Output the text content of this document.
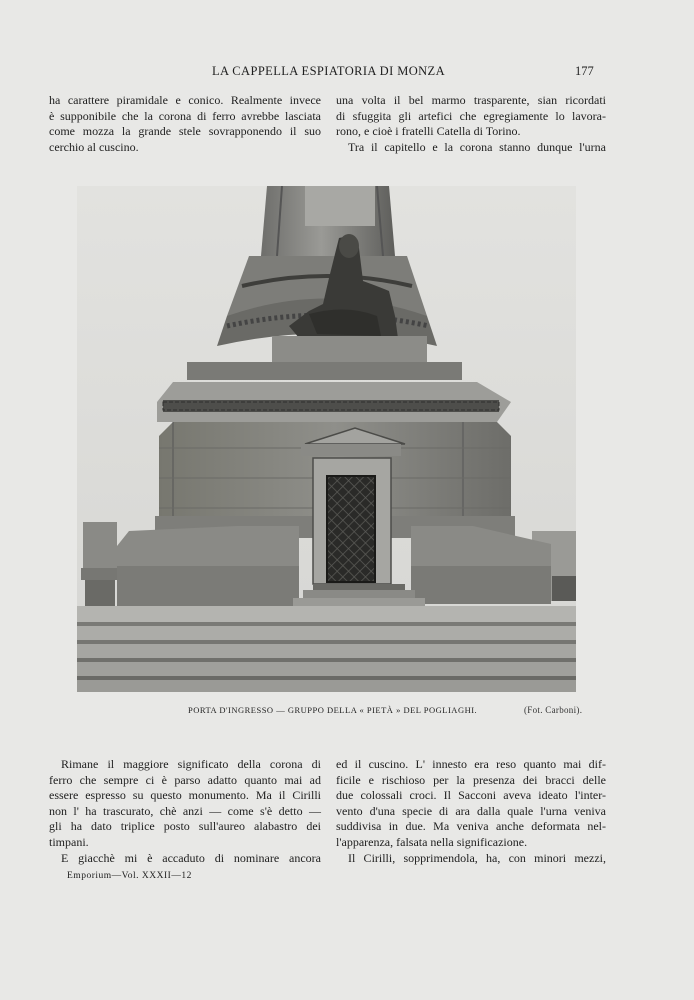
LA CAPPELLA ESPIATORIA DI MONZA	177

ha carattere piramidale e conico. Realmente invece

è supponibile che la corona di ferro avrebbe lasciata

come mozza la grande stele sovrapponendo il suo

cerchio al cuscino.

una volta il bel marmo trasparente, sian ricordati

di sfuggita gli artefici che egregiamente lo lavora-

rono, e cioè i fratelli Catella di Torino.

Tra il capitello e la corona stanno dunque l'urna

PORTA D'INGRESSO — GRUPPO DELLA « PIETÀ » DEL POGLIAGHI.	(Fot. Carboni).

Rimane il maggiore significato della corona di

ferro che sempre ci è parso adatto quanto mai ad

essere espresso su questo monumento. Ma il Cirilli

non l' ha trascurato, chè anzi — come s'è detto —

gli ha dato triplice posto sull'aureo alabastro dei

timpani.

E giacchè mi è accaduto di nominare ancora

ed il cuscino. L' innesto era reso quanto mai dif-

ficile e rischioso per la presenza dei bracci delle

due colossali croci. Il Sacconi aveva ideato l'inter-

vento d'una specie di ara dalla quale l'urna veniva

suddivisa in due. Ma veniva anche deformata nel-

l'apparenza, falsata nella significazione.

Il Cirilli, sopprimendola, ha, con minori mezzi,

Emporium—Vol. XXXII—12
